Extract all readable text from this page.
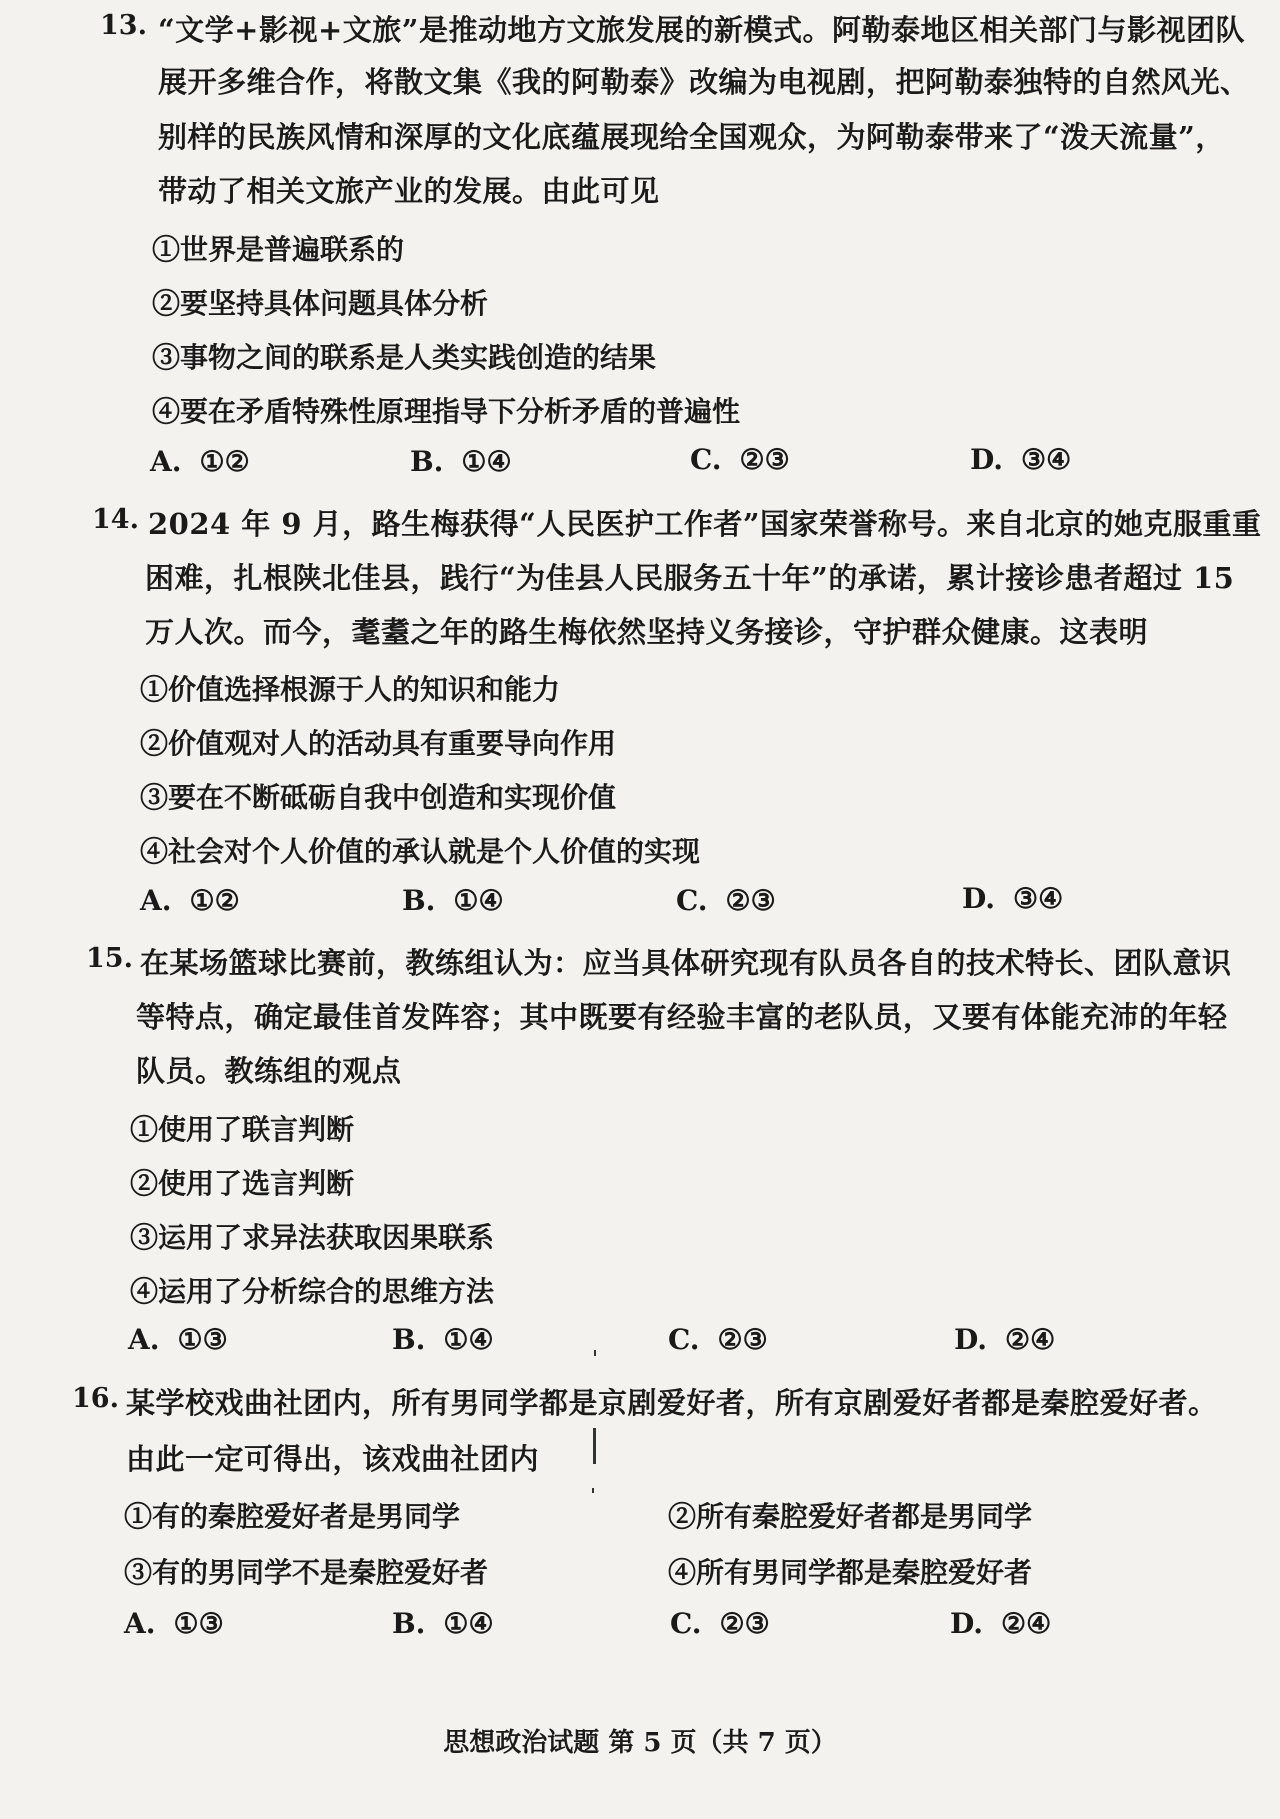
13. “文学+影视+文旅”是推动地方文旅发展的新模式。阿勒泰地区相关部门与影视团队
展开多维合作，将散文集《我的阿勒泰》改编为电视剧，把阿勒泰独特的自然风光、
别样的民族风情和深厚的文化底蕴展现给全国观众，为阿勒泰带来了“泼天流量”，
带动了相关文旅产业的发展。由此可见
①世界是普遍联系的
②要坚持具体问题具体分析
③事物之间的联系是人类实践创造的结果
④要在矛盾特殊性原理指导下分析矛盾的普遍性
A. ①②	B. ①④	C. ②③	D. ③④
14. 2024 年 9 月，路生梅获得“人民医护工作者”国家荣誉称号。来自北京的她克服重重
困难，扎根陕北佳县，践行“为佳县人民服务五十年”的承诺，累计接诊患者超过 15
万人次。而今，耄耋之年的路生梅依然坚持义务接诊，守护群众健康。这表明
①价值选择根源于人的知识和能力
②价值观对人的活动具有重要导向作用
③要在不断砥砺自我中创造和实现价值
④社会对个人价值的承认就是个人价值的实现
A. ①②	B. ①④	C. ②③	D. ③④
15. 在某场篮球比赛前，教练组认为：应当具体研究现有队员各自的技术特长、团队意识
等特点，确定最佳首发阵容；其中既要有经验丰富的老队员，又要有体能充沛的年轻
队员。教练组的观点
①使用了联言判断
②使用了选言判断
③运用了求异法获取因果联系
④运用了分析综合的思维方法
A. ①③	B. ①④	C. ②③	D. ②④
16. 某学校戏曲社团内，所有男同学都是京剧爱好者，所有京剧爱好者都是秦腔爱好者。
由此一定可得出，该戏曲社团内
①有的秦腔爱好者是男同学	②所有秦腔爱好者都是男同学
③有的男同学不是秦腔爱好者	④所有男同学都是秦腔爱好者
A. ①③	B. ①④	C. ②③	D. ②④
思想政治试题 第 5 页（共 7 页）
